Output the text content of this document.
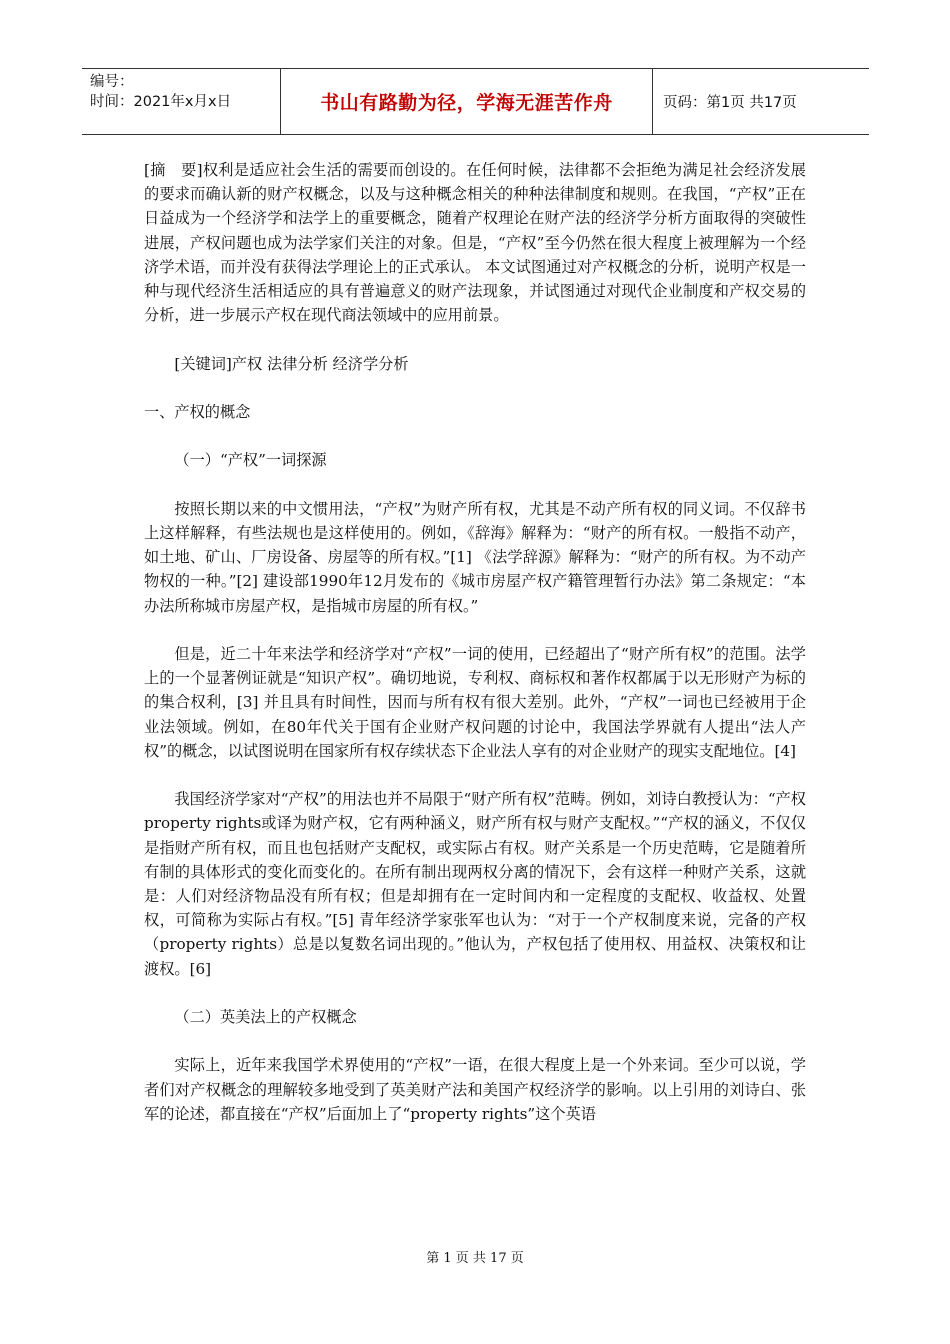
编号：
时间：2021年x月x日	书山有路勤为径，学海无涯苦作舟	页码：第1页 共17页

[摘　要]权利是适应社会生活的需要而创设的。在任何时候，法律都不会拒绝为满足社会经济发展的要求而确认新的财产权概念，以及与这种概念相关的种种法律制度和规则。在我国，“产权”正在日益成为一个经济学和法学上的重要概念，随着产权理论在财产法的经济学分析方面取得的突破性进展，产权问题也成为法学家们关注的对象。但是，“产权”至今仍然在很大程度上被理解为一个经济学术语，而并没有获得法学理论上的正式承认。 本文试图通过对产权概念的分析，说明产权是一种与现代经济生活相适应的具有普遍意义的财产法现象，并试图通过对现代企业制度和产权交易的分析，进一步展示产权在现代商法领域中的应用前景。

[关键词]产权 法律分析 经济学分析

一、产权的概念

（一）“产权”一词探源

按照长期以来的中文惯用法，“产权”为财产所有权，尤其是不动产所有权的同义词。不仅辞书上这样解释，有些法规也是这样使用的。例如，《辞海》解释为：“财产的所有权。一般指不动产，如土地、矿山、厂房设备、房屋等的所有权。”[1] 《法学辞源》解释为：“财产的所有权。为不动产物权的一种。”[2] 建设部1990年12月发布的《城市房屋产权产籍管理暂行办法》第二条规定：“本办法所称城市房屋产权，是指城市房屋的所有权。”

但是，近二十年来法学和经济学对“产权”一词的使用，已经超出了“财产所有权”的范围。法学上的一个显著例证就是“知识产权”。确切地说，专利权、商标权和著作权都属于以无形财产为标的的集合权利，[3] 并且具有时间性，因而与所有权有很大差别。此外，“产权”一词也已经被用于企业法领域。例如，在80年代关于国有企业财产权问题的讨论中，我国法学界就有人提出“法人产权”的概念，以试图说明在国家所有权存续状态下企业法人享有的对企业财产的现实支配地位。[4]

我国经济学家对“产权”的用法也并不局限于“财产所有权”范畴。例如，刘诗白教授认为：“产权property rights或译为财产权，它有两种涵义，财产所有权与财产支配权。”“产权的涵义，不仅仅是指财产所有权，而且也包括财产支配权，或实际占有权。财产关系是一个历史范畴，它是随着所有制的具体形式的变化而变化的。在所有制出现两权分离的情况下，会有这样一种财产关系，这就是：人们对经济物品没有所有权；但是却拥有在一定时间内和一定程度的支配权、收益权、处置权，可简称为实际占有权。”[5] 青年经济学家张军也认为：“对于一个产权制度来说，完备的产权（property rights）总是以复数名词出现的。”他认为，产权包括了使用权、用益权、决策权和让渡权。[6]

（二）英美法上的产权概念

实际上，近年来我国学术界使用的“产权”一语，在很大程度上是一个外来词。至少可以说，学者们对产权概念的理解较多地受到了英美财产法和美国产权经济学的影响。以上引用的刘诗白、张军的论述，都直接在“产权”后面加上了“property rights”这个英语

第 1 页 共 17 页
